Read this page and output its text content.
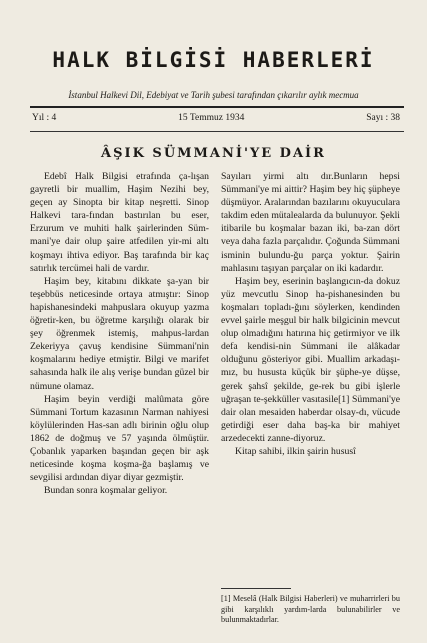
HALK BİLGİSİ HABERLERİ
İstanbul Halkevi Dil, Edebiyat ve Tarih şubesi tarafından çıkarılır aylık mecmua
Yıl : 4	15 Temmuz 1934	Sayı : 38
ÂŞIK SÜMMANİ'YE DAİR

Edebî Halk Bilgisi etrafında ça-lışan gayretli bir muallim, Haşim Nezihi bey, geçen ay Sinopta bir kitap neşretti. Sinop Halkevi tara-fından bastırılan bu eser, Erzurum ve muhiti halk şairlerinden Süm-mani'ye dair olup şaire atfedilen yir-mi altı koşmayı ihtiva ediyor. Baş tarafında bir kaç satırlık tercümei hali de vardır.

Haşim bey, kitabını dikkate şa-yan bir teşebbüs neticesinde ortaya atmıştır: Sinop hapishanesindeki mahpuslara okuyup yazma öğretir-ken, bu öğretme karşılığı olarak bir şey öğrenmek istemiş, mahpus-lardan Zekeriyya çavuş kendisine Sümmani'nin koşmalarını hediye etmiştir. Bilgi ve marifet sahasında halk ile alış verişe bundan güzel bir nümune olamaz.

Haşim beyin verdiği malûmata göre Sümmani Tortum kazasının Narman nahiyesi köylülerinden Has-san adlı birinin oğlu olup 1862 de doğmuş ve 57 yaşında ölmüştür. Çobanlık yaparken başından geçen bir aşk neticesinde koşma koşma-ğa başlamış ve sevgilisi ardından diyar diyar gezmiştir.

Bundan sonra koşmalar geliyor.

Sayıları yirmi altı dır.Bunların hepsi Sümmani'ye mi aittir? Haşim bey hiç şüpheye düşmüyor. Aralarından bazılarını okuyuculara takdim eden mütalealarda da bulunuyor. Şekli itibarile bu koşmalar bazan iki, ba-zan dört veya daha fazla parçalıdır. Çoğunda Sümmani isminin bulundu-ğu parça yoktur. Şairin mahlasını taşıyan parçalar on iki kadardır.

Haşim bey, eserinin başlangıcın-da dokuz yüz mevcutlu Sinop ha-pishanesinden bu koşmaları topladı-ğını söylerken, kendinden evvel şairle meşgul bir halk bilgicinin mevcut olup olmadığını hatırına hiç getirmiyor ve ilk defa kendisi-nin Sümmani ile alâkadar olduğunu gösteriyor gibi. Muallim arkadaşı-mız, bu hususta küçük bir şüphe-ye düşse, gerek şahsî şekilde, ge-rek bu gibi işlerle uğraşan te-şekküller vasıtasile[1] Sümmani'ye dair olan mesaiden haberdar olsay-dı, vücude getirdiği eser daha baş-ka bir mahiyet arzedecekti zanne-diyoruz.

Kitap sahibi, ilkin şairin hususî

[1] Meselâ (Halk Bilgisi Haberleri) ve muharrirleri bu gibi karşılıklı yardım-larda bulunabilirler ve bulunmaktadırlar.
